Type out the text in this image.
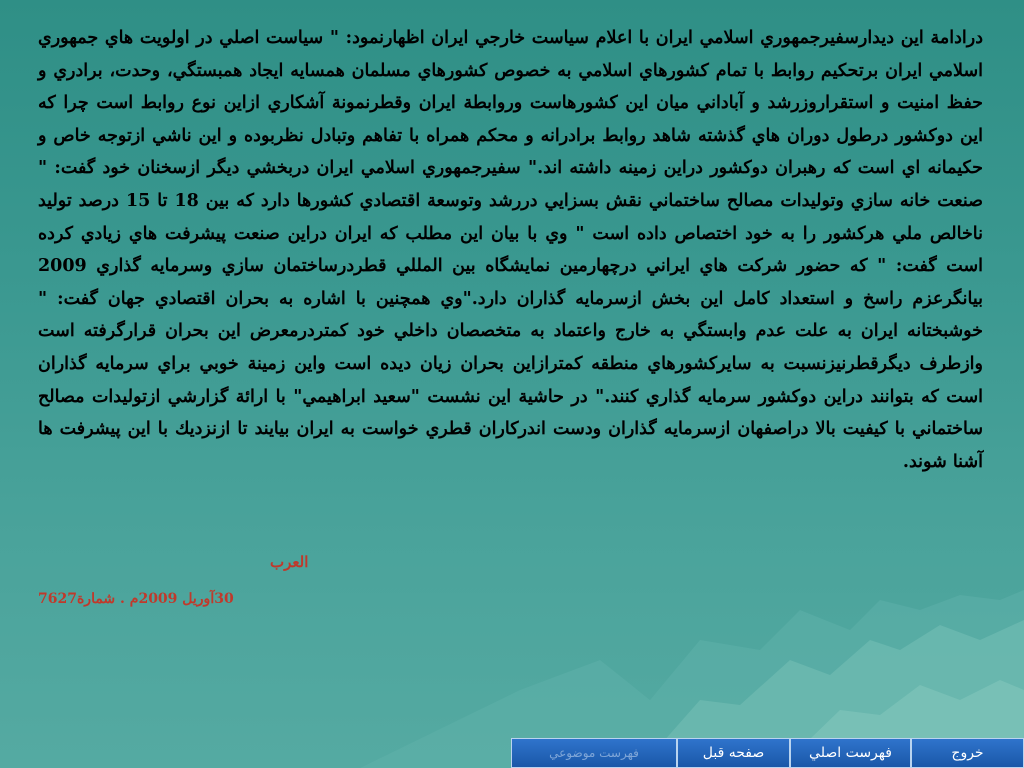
درادامة اين ديدارسفيرجمهوري اسلامي ايران با اعلام سياست خارجي ايران اظهارنمود: " سياست اصلي در اولويت هاي جمهوري اسلامي ايران برتحكيم روابط با تمام كشورهاي اسلامي به خصوص كشورهاي مسلمان همسايه ايجاد همبستگي، وحدت، برادري و حفظ امنيت و استقراروزرشد و آباداني ميان اين كشورهاست وروابطة ايران وقطرنمونة آشكاري ازاين نوع روابط است چرا كه اين دوكشور درطول دوران هاي گذشته شاهد روابط برادرانه و محكم همراه با تفاهم وتبادل نظربوده و اين ناشي ازتوجه خاص و حكيمانه اي است كه رهبران دوكشور دراين زمينه داشته اند." سفيرجمهوري اسلامي ايران دربخشي ديگر ازسخنان خود گفت: " صنعت خانه سازي وتوليدات مصالح ساختماني نقش بسزايي دررشد وتوسعة اقتصادي كشورها دارد كه بين 18 تا 15 درصد توليد ناخالص ملي هركشور را به خود اختصاص داده است " وي با بيان اين مطلب كه ايران دراين صنعت پيشرفت هاي زيادي كرده است گفت: " كه حضور شركت هاي ايراني درچهارمين نمايشگاه بين المللي قطردرساختمان سازي وسرمايه گذاري 2009 بيانگرعزم راسخ و استعداد كامل اين بخش ازسرمايه گذاران دارد."وي همچنين با اشاره به بحران اقتصادي جهان گفت: " خوشبختانه ايران به علت عدم وابستگي به خارج واعتماد به متخصصان داخلي خود كمتردرمعرض اين بحران قرارگرفته است وازطرف ديگرقطرنيزنسبت به سايركشورهاي منطقه كمترازاين بحران زيان ديده است واين زمينة خوبي براي سرمايه گذاران است كه بتوانند دراين دوكشور سرمايه گذاري كنند." در حاشية اين نشست "سعيد ابراهيمي" با ارائة گزارشي ازتوليدات مصالح ساختماني با كيفيت بالا دراصفهان ازسرمايه گذاران ودست اندركاران قطري خواست به ايران بيايند تا ازنزديك با اين پيشرفت ها آشنا شوند.
العرب
30آوريل 2009م . شمارة7627
فهرست موضوعي	صفحه قبل	فهرست اصلي	خروج
